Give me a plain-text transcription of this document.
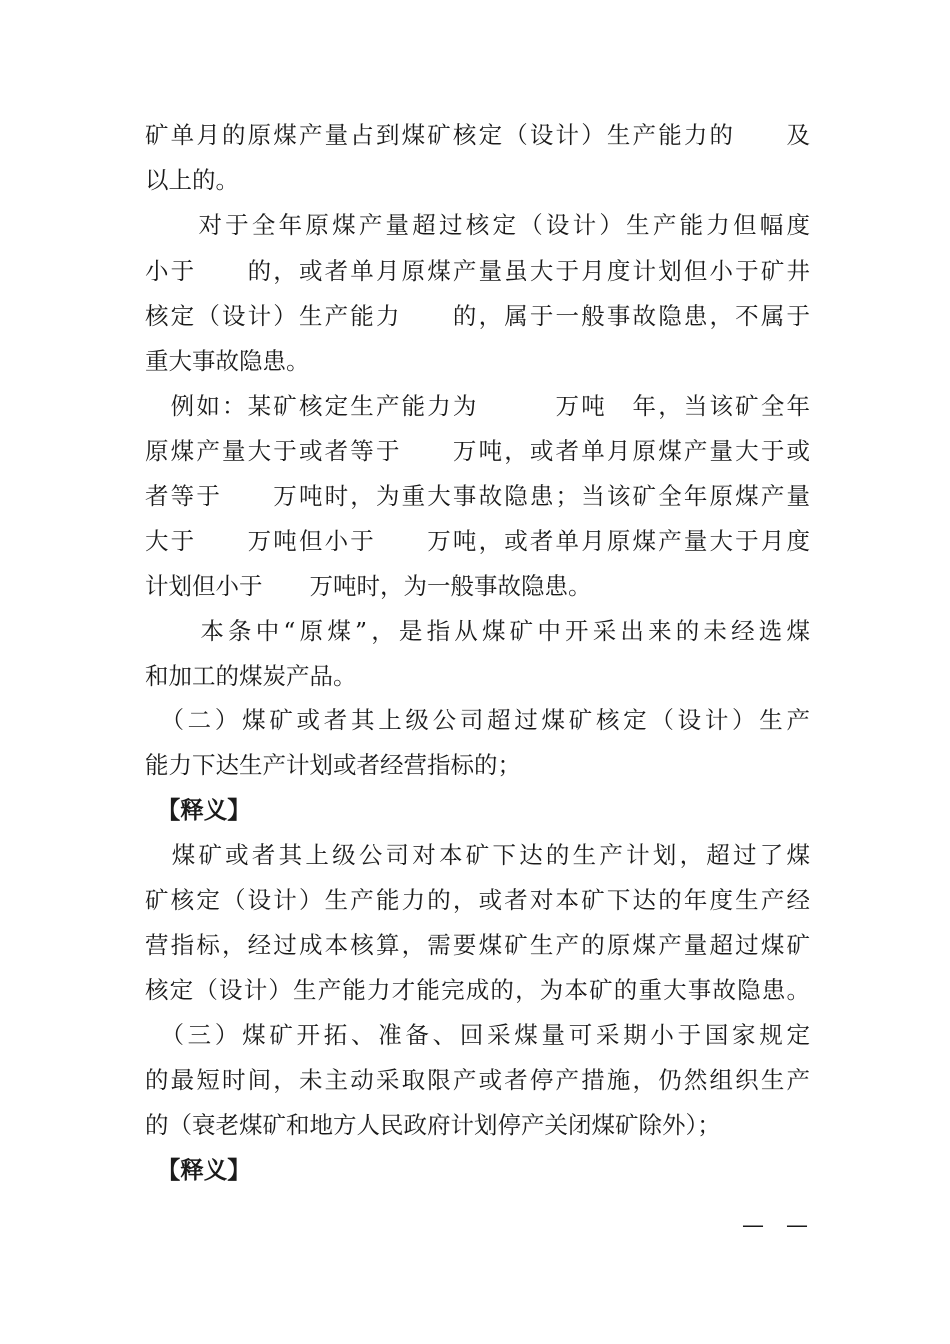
矿单月的原煤产量占到煤矿核定（设计）生产能力的　　及
以上的。
　　对于全年原煤产量超过核定（设计）生产能力但幅度
小于　　的，或者单月原煤产量虽大于月度计划但小于矿井
核定（设计）生产能力　　的，属于一般事故隐患，不属于
重大事故隐患。
　例如：某矿核定生产能力为　　　万吨　年，当该矿全年
原煤产量大于或者等于　　万吨，或者单月原煤产量大于或
者等于　　万吨时，为重大事故隐患；当该矿全年原煤产量
大于　　万吨但小于　　万吨，或者单月原煤产量大于月度
计划但小于　　万吨时，为一般事故隐患。
　　本条中“原煤”，是指从煤矿中开采出来的未经选煤
和加工的煤炭产品。
　（二）煤矿或者其上级公司超过煤矿核定（设计）生产
能力下达生产计划或者经营指标的；
　【释义】
　煤矿或者其上级公司对本矿下达的生产计划，超过了煤
矿核定（设计）生产能力的，或者对本矿下达的年度生产经
营指标，经过成本核算，需要煤矿生产的原煤产量超过煤矿
核定（设计）生产能力才能完成的，为本矿的重大事故隐患。
　（三）煤矿开拓、准备、回采煤量可采期小于国家规定
的最短时间，未主动采取限产或者停产措施，仍然组织生产
的（衰老煤矿和地方人民政府计划停产关闭煤矿除外）；
　【释义】
—　—
